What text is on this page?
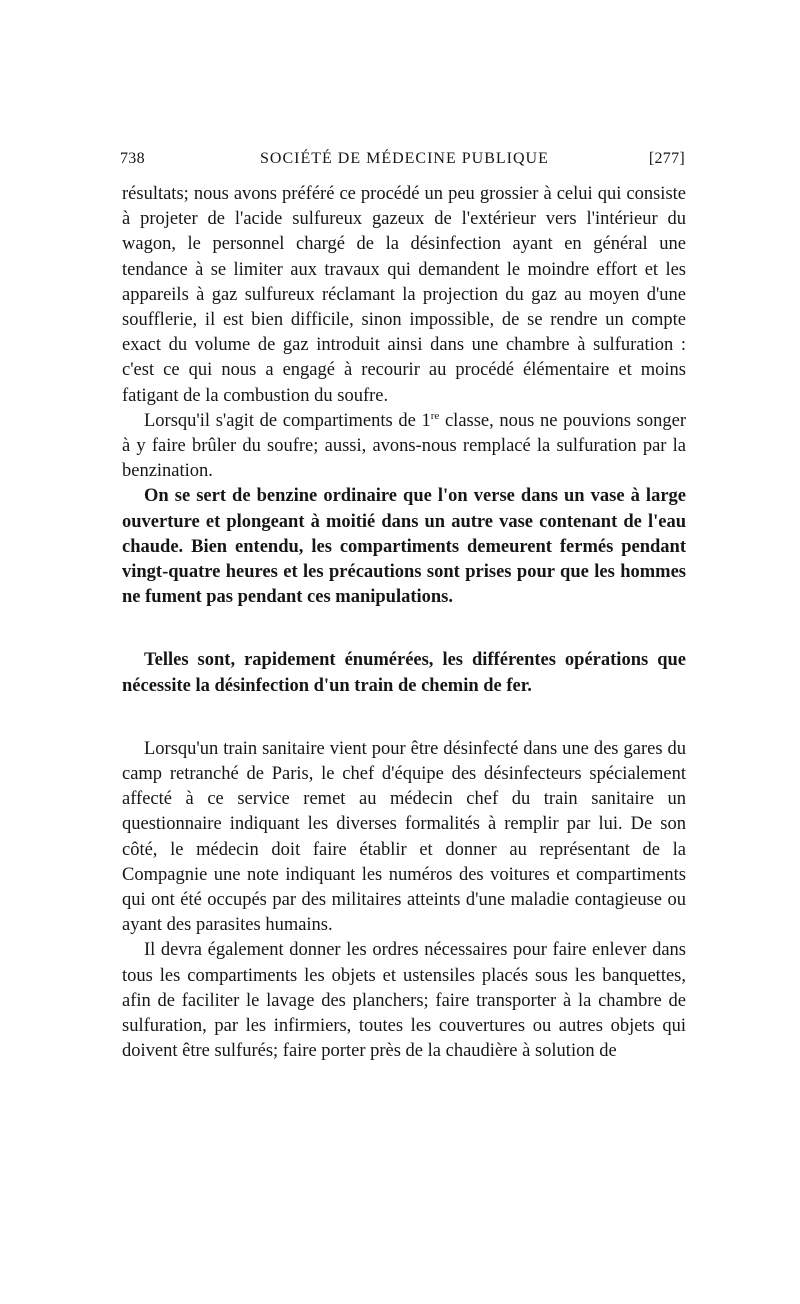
738	SOCIÉTÉ DE MÉDECINE PUBLIQUE	[277]

résultats; nous avons préféré ce procédé un peu grossier à celui qui consiste à projeter de l'acide sulfureux gazeux de l'extérieur vers l'intérieur du wagon, le personnel chargé de la désinfection ayant en général une tendance à se limiter aux travaux qui demandent le moindre effort et les appareils à gaz sulfureux réclamant la projection du gaz au moyen d'une soufflerie, il est bien difficile, sinon impossible, de se rendre un compte exact du volume de gaz introduit ainsi dans une chambre à sulfuration : c'est ce qui nous a engagé à recourir au procédé élémentaire et moins fatigant de la combustion du soufre.

Lorsqu'il s'agit de compartiments de 1re classe, nous ne pouvions songer à y faire brûler du soufre; aussi, avons-nous remplacé la sulfuration par la benzination.

On se sert de benzine ordinaire que l'on verse dans un vase à large ouverture et plongeant à moitié dans un autre vase contenant de l'eau chaude. Bien entendu, les compartiments demeurent fermés pendant vingt-quatre heures et les précautions sont prises pour que les hommes ne fument pas pendant ces manipulations.

Telles sont, rapidement énumérées, les différentes opérations que nécessite la désinfection d'un train de chemin de fer.

Lorsqu'un train sanitaire vient pour être désinfecté dans une des gares du camp retranché de Paris, le chef d'équipe des désinfecteurs spécialement affecté à ce service remet au médecin chef du train sanitaire un questionnaire indiquant les diverses formalités à remplir par lui. De son côté, le médecin doit faire établir et donner au représentant de la Compagnie une note indiquant les numéros des voitures et compartiments qui ont été occupés par des militaires atteints d'une maladie contagieuse ou ayant des parasites humains.

Il devra également donner les ordres nécessaires pour faire enlever dans tous les compartiments les objets et ustensiles placés sous les banquettes, afin de faciliter le lavage des planchers; faire transporter à la chambre de sulfuration, par les infirmiers, toutes les couvertures ou autres objets qui doivent être sulfurés; faire porter près de la chaudière à solution de
